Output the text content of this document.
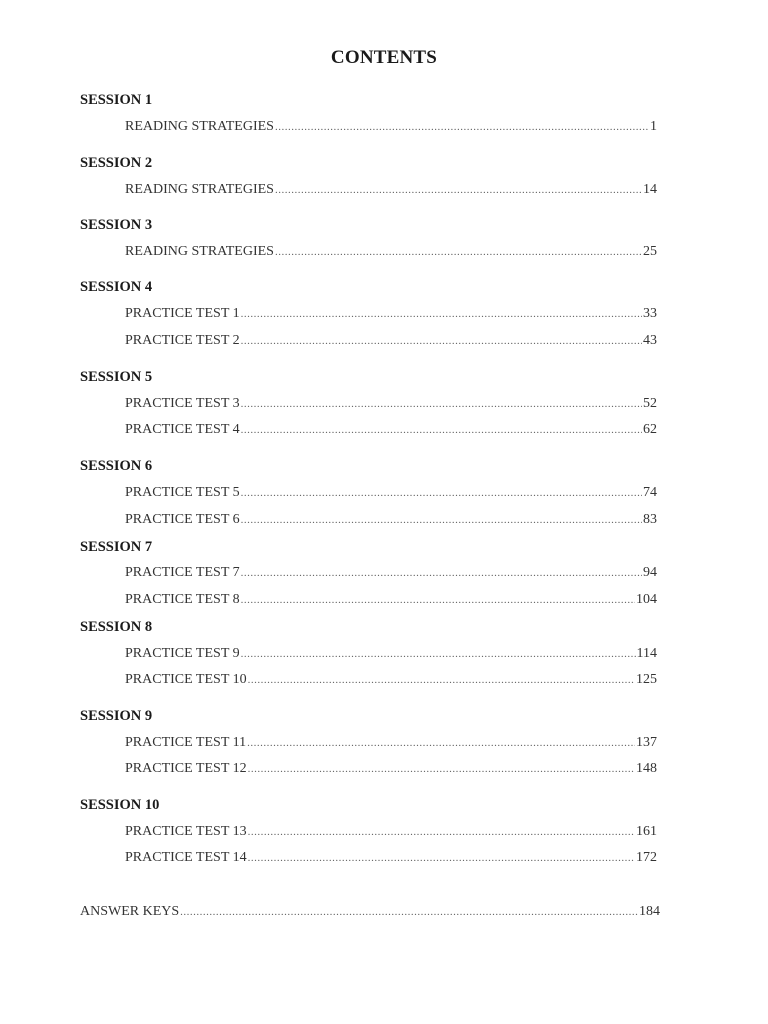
CONTENTS
SESSION 1
READING STRATEGIES .....	1
SESSION 2
READING STRATEGIES .....	14
SESSION 3
READING STRATEGIES .....	25
SESSION 4
PRACTICE TEST 1 .....	33
PRACTICE TEST 2 .....	43
SESSION 5
PRACTICE TEST 3 .....	52
PRACTICE TEST 4 .....	62
SESSION 6
PRACTICE TEST 5 .....	74
PRACTICE TEST 6 .....	83
SESSION 7
PRACTICE TEST 7 .....	94
PRACTICE TEST 8 .....	104
SESSION 8
PRACTICE TEST 9 .....	114
PRACTICE TEST 10 .....	125
SESSION 9
PRACTICE TEST 11 .....	137
PRACTICE TEST 12 .....	148
SESSION 10
PRACTICE TEST 13 .....	161
PRACTICE TEST 14 .....	172
ANSWER KEYS .....	184
